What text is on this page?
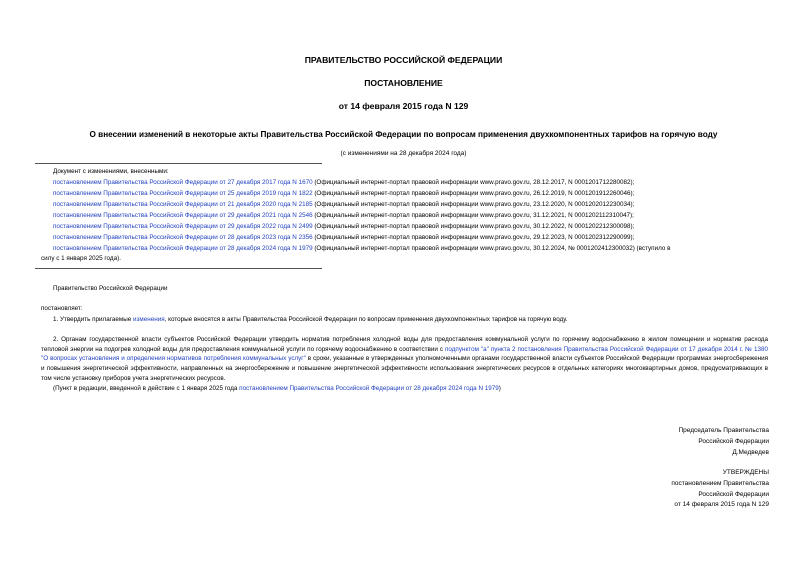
ПРАВИТЕЛЬСТВО РОССИЙСКОЙ ФЕДЕРАЦИИ
ПОСТАНОВЛЕНИЕ
от 14 февраля 2015 года N 129
О внесении изменений в некоторые акты Правительства Российской Федерации по вопросам применения двухкомпонентных тарифов на горячую воду
(с изменениями на 28 декабря 2024 года)
Документ с изменениями, внесенными:
постановлением Правительства Российской Федерации от 27 декабря 2017 года N 1670 (Официальный интернет-портал правовой информации www.pravo.gov.ru, 28.12.2017, N 0001201712280082);
постановлением Правительства Российской Федерации от 25 декабря 2019 года N 1822 (Официальный интернет-портал правовой информации www.pravo.gov.ru, 26.12.2019, N 0001201912260046);
постановлением Правительства Российской Федерации от 21 декабря 2020 года N 2185 (Официальный интернет-портал правовой информации www.pravo.gov.ru, 23.12.2020, N 0001202012230034);
постановлением Правительства Российской Федерации от 29 декабря 2021 года N 2546 (Официальный интернет-портал правовой информации www.pravo.gov.ru, 31.12.2021, N 0001202112310047);
постановлением Правительства Российской Федерации от 29 декабря 2022 года N 2499 (Официальный интернет-портал правовой информации www.pravo.gov.ru, 30.12.2022, N 0001202212300098);
постановлением Правительства Российской Федерации от 28 декабря 2023 года N 2356 (Официальный интернет-портал правовой информации www.pravo.gov.ru, 29.12.2023, N 0001202312290099);
постановлением Правительства Российской Федерации от 28 декабря 2024 года N 1979 (Официальный интернет-портал правовой информации www.pravo.gov.ru, 30.12.2024, № 0001202412300032) (вступило в
силу с 1 января 2025 года).
Правительство Российской Федерации
постановляет:
1. Утвердить прилагаемые изменения, которые вносятся в акты Правительства Российской Федерации по вопросам применения двухкомпонентных тарифов на горячую воду.
2. Органам государственной власти субъектов Российской Федерации утвердить норматив потребления холодной воды для предоставления коммунальной услуги по горячему водоснабжению в жилом помещении и норматив расхода тепловой энергии на подогрев холодной воды для предоставления коммунальной услуги по горячему водоснабжению в соответствии с подпунктом "а" пункта 2 постановления Правительства Российской Федерации от 17 декабря 2014 г. № 1380 "О вопросах установления и определения нормативов потребления коммунальных услуг" в сроки, указанные в утвержденных уполномоченными органами государственной власти субъектов Российской Федерации программах энергосбережения и повышения энергетической эффективности, направленных на энергосбережение и повышение энергетической эффективности использования энергетических ресурсов в отдельных категориях многоквартирных домов, предусматривающих в том числе установку приборов учета энергетических ресурсов.
(Пункт в редакции, введенной в действие с 1 января 2025 года постановлением Правительства Российской Федерации от 28 декабря 2024 года N 1979)
Председатель Правительства
Российской Федерации
Д.Медведев
УТВЕРЖДЕНЫ
постановлением Правительства
Российской Федерации
от 14 февраля 2015 года N 129
